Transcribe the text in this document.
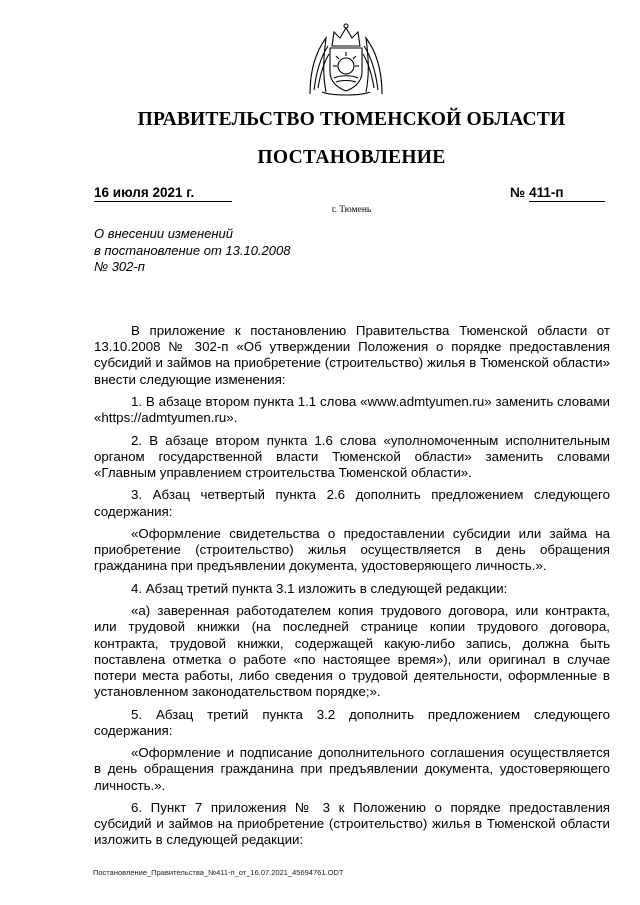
ПРАВИТЕЛЬСТВО ТЮМЕНСКОЙ ОБЛАСТИ
ПОСТАНОВЛЕНИЕ
16 июля 2021 г.	№ 411-п
г. Тюмень
О внесении изменений
в постановление от 13.10.2008
№ 302-п

В приложение к постановлению Правительства Тюменской области от 13.10.2008 № 302-п «Об утверждении Положения о порядке предоставления субсидий и займов на приобретение (строительство) жилья в Тюменской области» внести следующие изменения:

1. В абзаце втором пункта 1.1 слова «www.admtyumen.ru» заменить словами «https://admtyumen.ru».

2. В абзаце втором пункта 1.6 слова «уполномоченным исполнительным органом государственной власти Тюменской области» заменить словами «Главным управлением строительства Тюменской области».

3. Абзац четвертый пункта 2.6 дополнить предложением следующего содержания:

«Оформление свидетельства о предоставлении субсидии или займа на приобретение (строительство) жилья осуществляется в день обращения гражданина при предъявлении документа, удостоверяющего личность.».

4. Абзац третий пункта 3.1 изложить в следующей редакции:

«а) заверенная работодателем копия трудового договора, или контракта, или трудовой книжки (на последней странице копии трудового договора, контракта, трудовой книжки, содержащей какую-либо запись, должна быть поставлена отметка о работе «по настоящее время»), или оригинал в случае потери места работы, либо сведения о трудовой деятельности, оформленные в установленном законодательством порядке;».

5. Абзац третий пункта 3.2 дополнить предложением следующего содержания:

«Оформление и подписание дополнительного соглашения осуществляется в день обращения гражданина при предъявлении документа, удостоверяющего личность.».

6. Пункт 7 приложения № 3 к Положению о порядке предоставления субсидий и займов на приобретение (строительство) жилья в Тюменской области изложить в следующей редакции:

Постановление_Правительства_№411-п_от_16.07.2021_45694761.ODT
